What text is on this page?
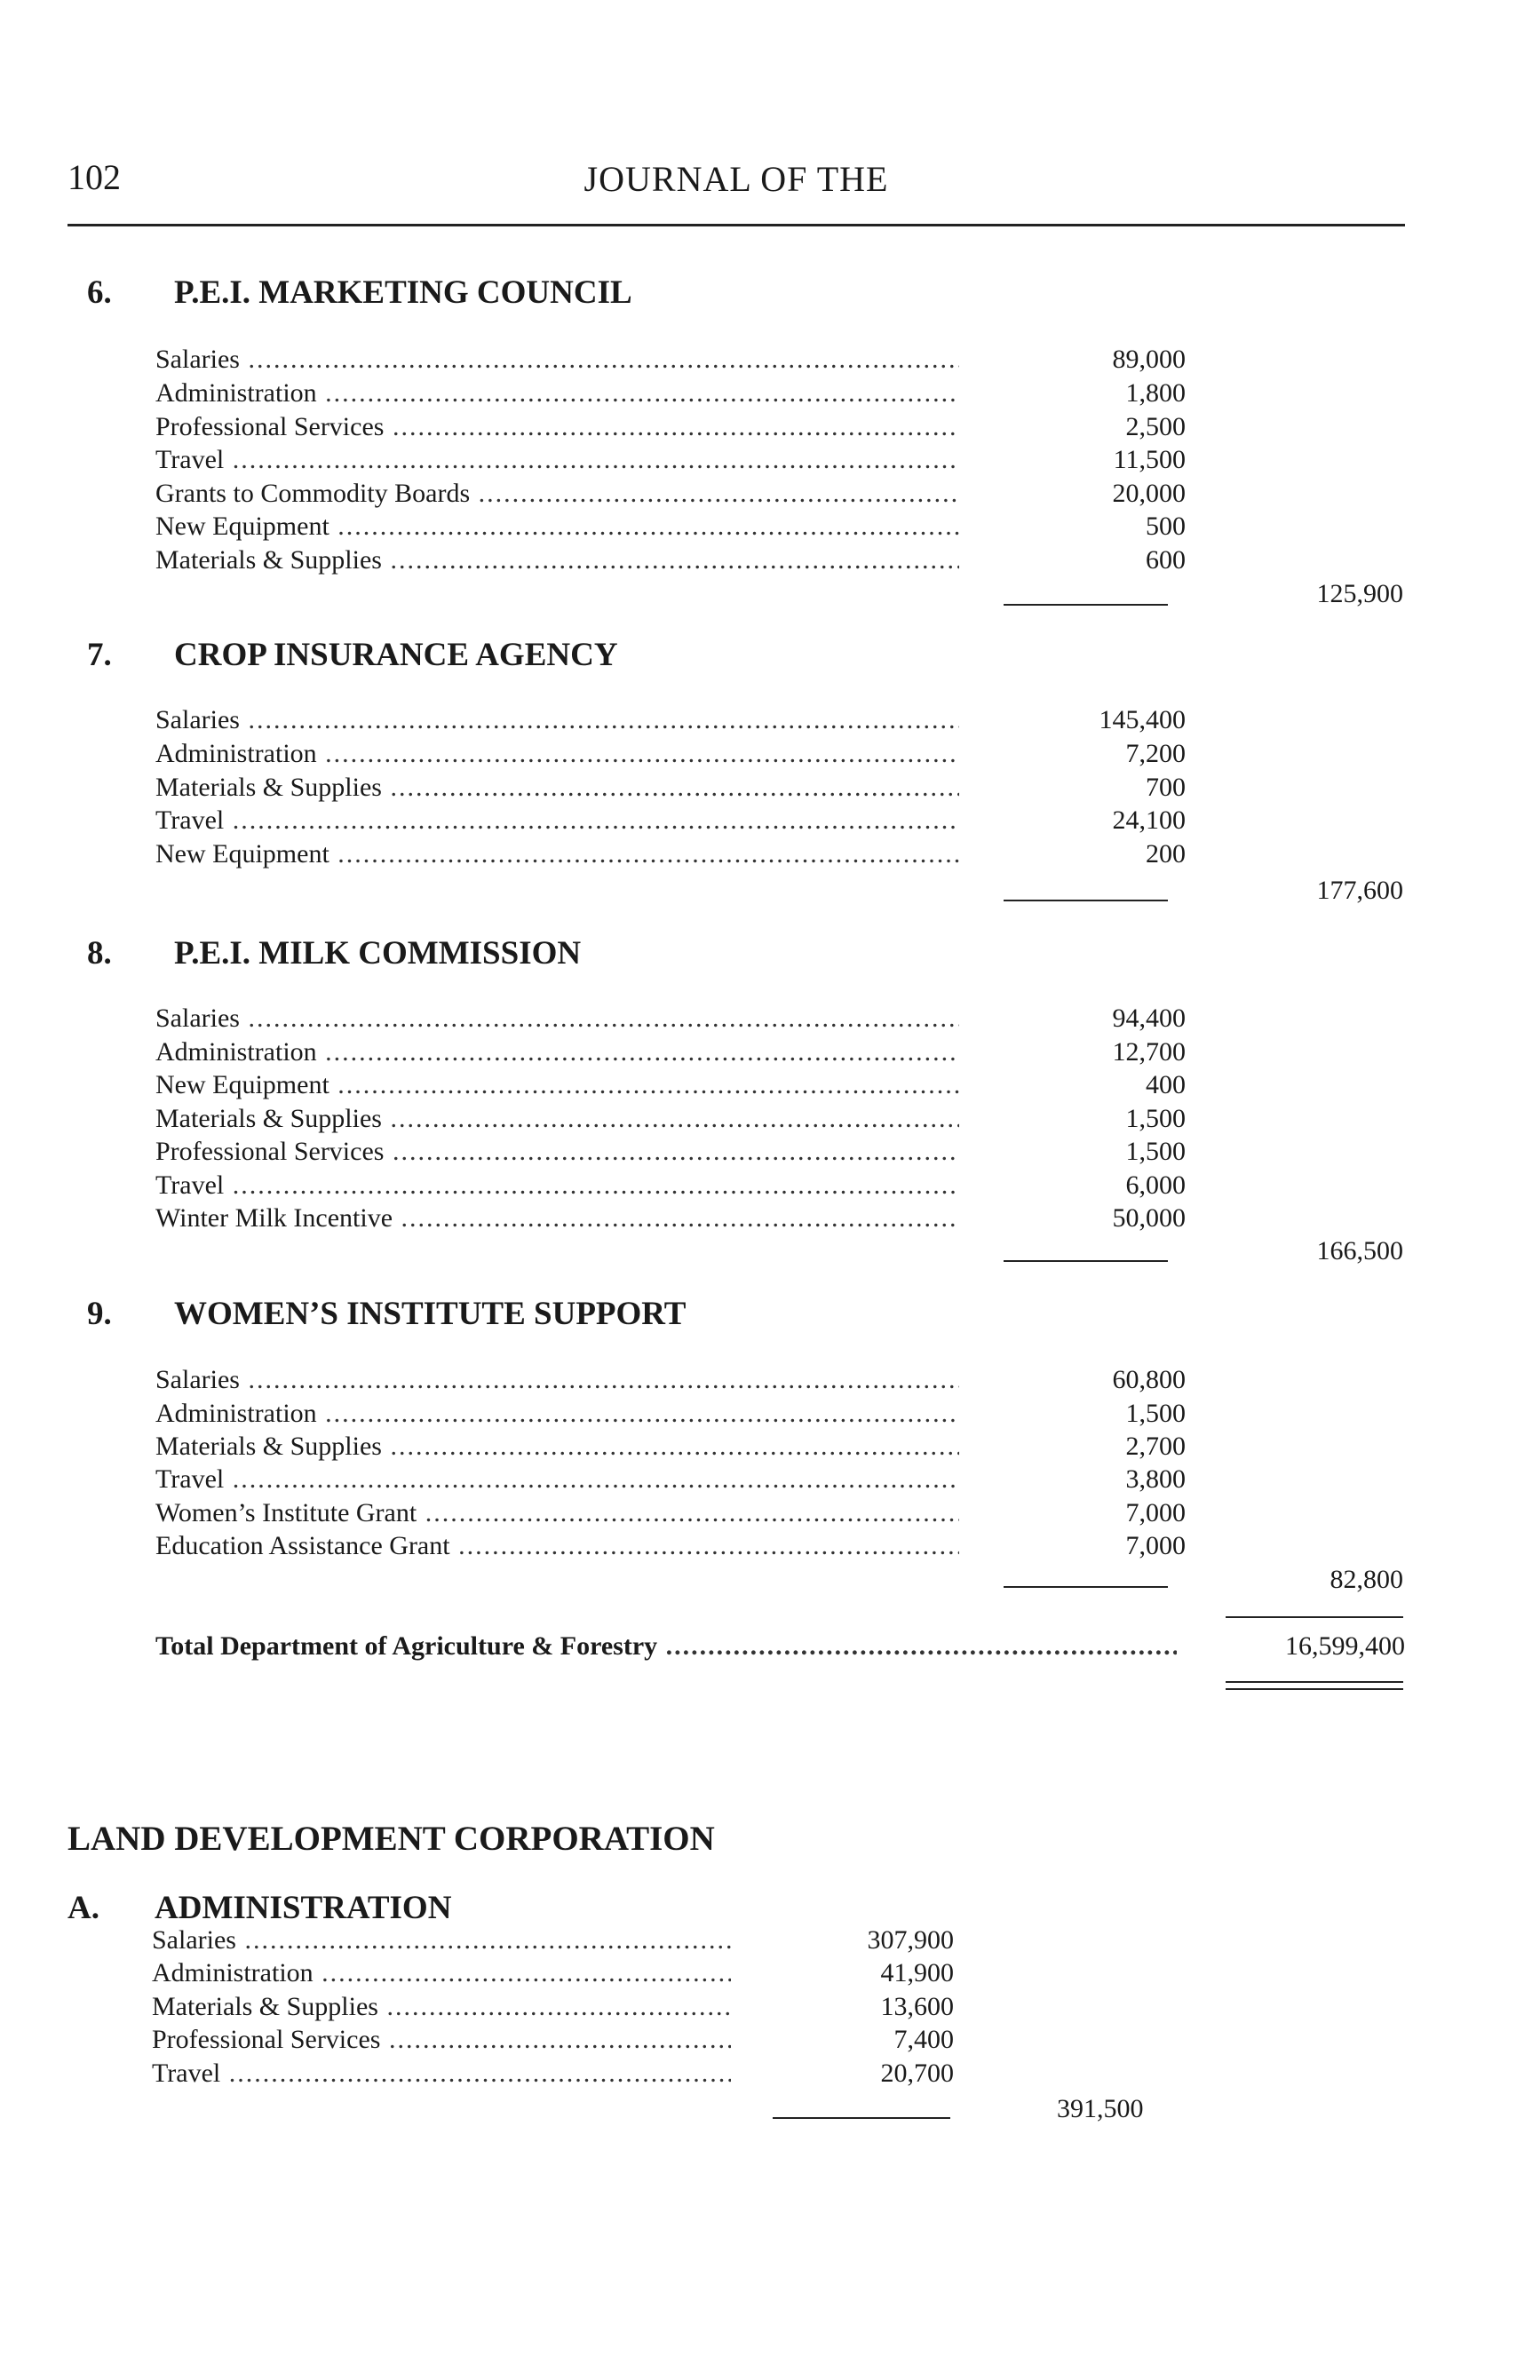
102	JOURNAL OF THE
6. P.E.I. MARKETING COUNCIL
Salaries .....	89,000
Administration .....	1,800
Professional Services .....	2,500
Travel .....	11,500
Grants to Commodity Boards .....	20,000
New Equipment .....	500
Materials & Supplies .....	600
125,900
7. CROP INSURANCE AGENCY
Salaries .....	145,400
Administration .....	7,200
Materials & Supplies .....	700
Travel .....	24,100
New Equipment .....	200
177,600
8. P.E.I. MILK COMMISSION
Salaries .....	94,400
Administration .....	12,700
New Equipment .....	400
Materials & Supplies .....	1,500
Professional Services .....	1,500
Travel .....	6,000
Winter Milk Incentive .....	50,000
166,500
9. WOMEN’S INSTITUTE SUPPORT
Salaries .....	60,800
Administration .....	1,500
Materials & Supplies .....	2,700
Travel .....	3,800
Women’s Institute Grant .....	7,000
Education Assistance Grant .....	7,000
82,800
Total Department of Agriculture & Forestry .....	16,599,400
LAND DEVELOPMENT CORPORATION
A. ADMINISTRATION
Salaries .....	307,900
Administration .....	41,900
Materials & Supplies .....	13,600
Professional Services .....	7,400
Travel .....	20,700
391,500
